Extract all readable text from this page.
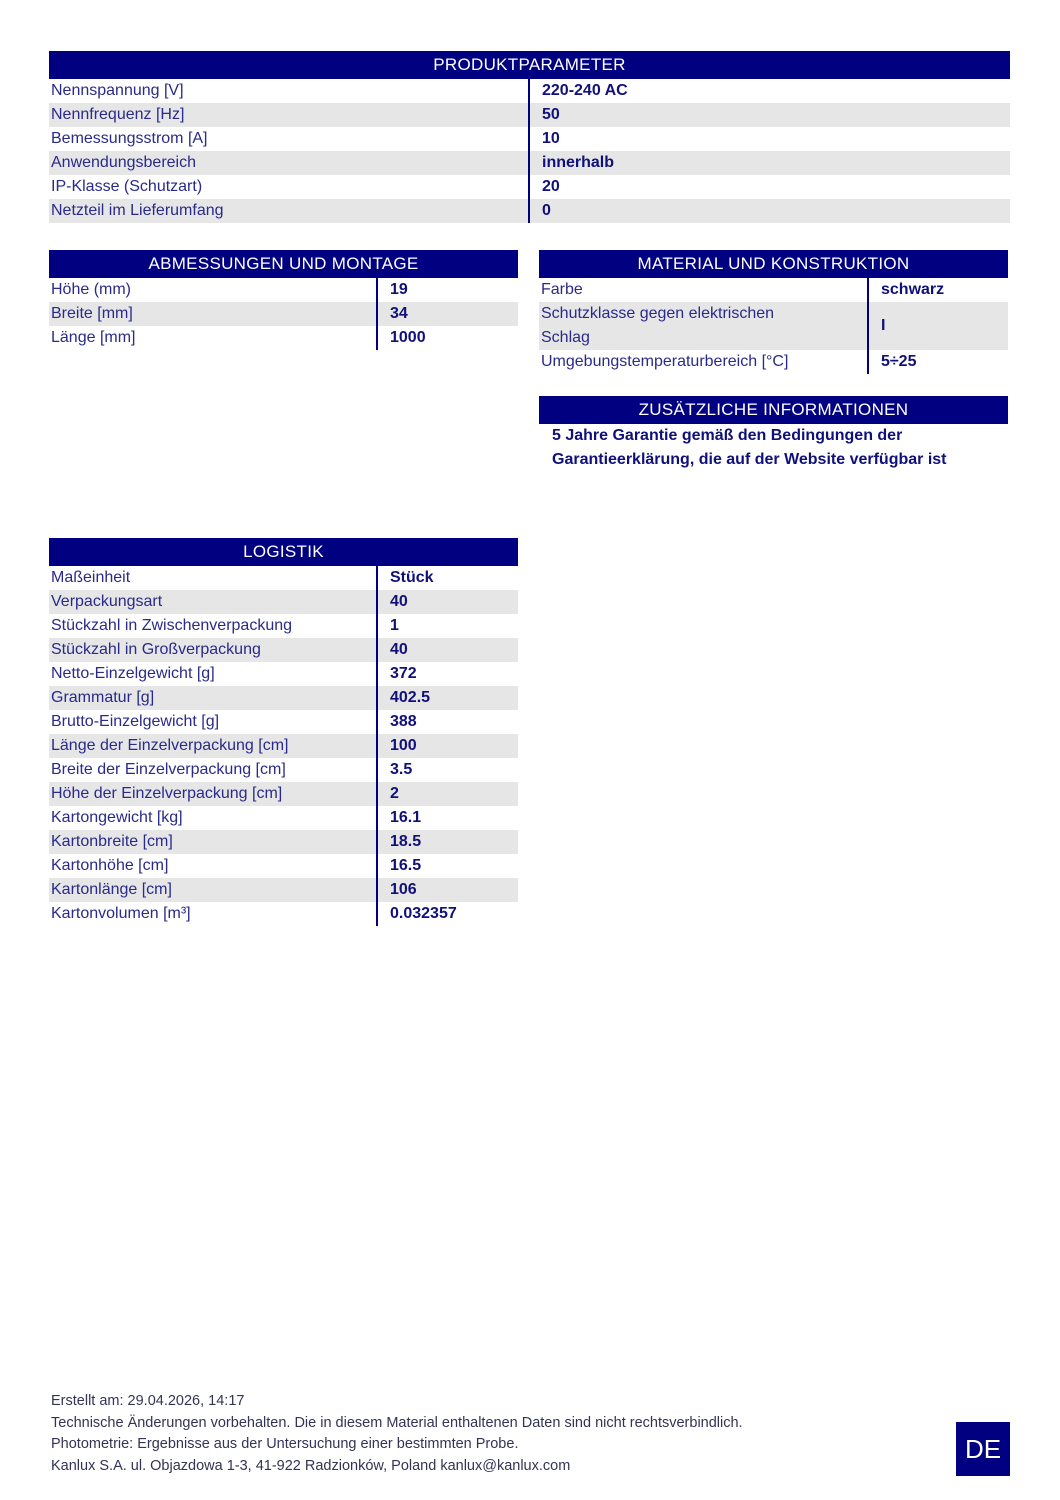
PRODUKTPARAMETER
Nennspannung [V]	220-240 AC
Nennfrequenz [Hz]	50
Bemessungsstrom [A]	10
Anwendungsbereich	innerhalb
IP-Klasse (Schutzart)	20
Netzteil im Lieferumfang	0
ABMESSUNGEN UND MONTAGE
Höhe (mm)	19
Breite [mm]	34
Länge [mm]	1000
MATERIAL UND KONSTRUKTION
Farbe	schwarz
Schutzklasse gegen elektrischen Schlag	I
Umgebungstemperaturbereich [°C]	5÷25
ZUSÄTZLICHE INFORMATIONEN
5 Jahre Garantie gemäß den Bedingungen der Garantieerklärung, die auf der Website verfügbar ist
LOGISTIK
Maßeinheit	Stück
Verpackungsart	40
Stückzahl in Zwischenverpackung	1
Stückzahl in Großverpackung	40
Netto-Einzelgewicht [g]	372
Grammatur [g]	402.5
Brutto-Einzelgewicht [g]	388
Länge der Einzelverpackung [cm]	100
Breite der Einzelverpackung [cm]	3.5
Höhe der Einzelverpackung [cm]	2
Kartongewicht [kg]	16.1
Kartonbreite [cm]	18.5
Kartonhöhe [cm]	16.5
Kartonlänge [cm]	106
Kartonvolumen [m³]	0.032357
Erstellt am: 29.04.2026, 14:17
Technische Änderungen vorbehalten. Die in diesem Material enthaltenen Daten sind nicht rechtsverbindlich.
Photometrie: Ergebnisse aus der Untersuchung einer bestimmten Probe.
Kanlux S.A. ul. Objazdowa 1-3, 41-922 Radzionków, Poland kanlux@kanlux.com
DE
